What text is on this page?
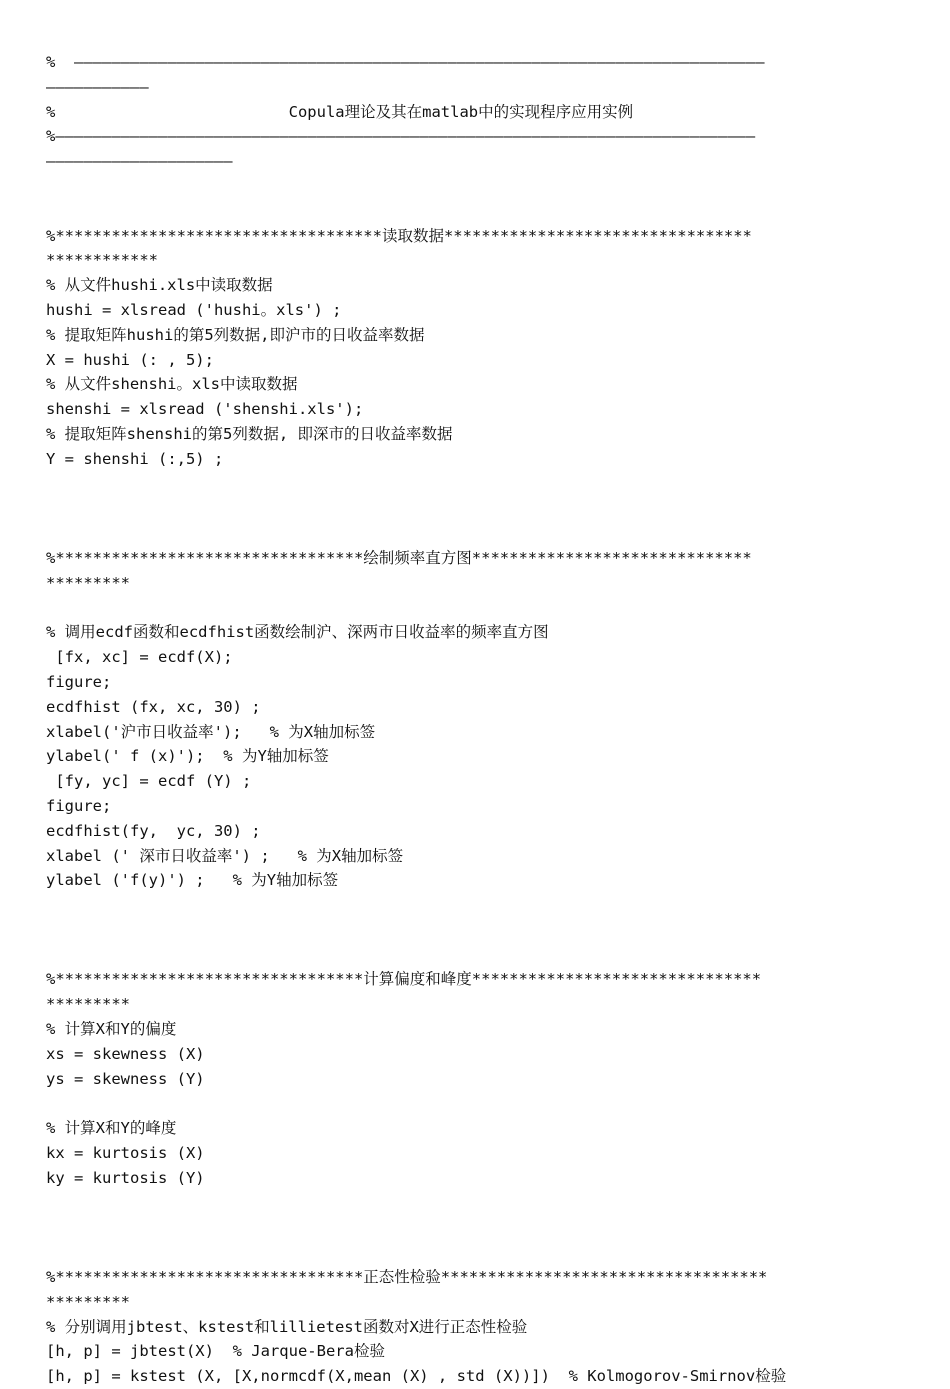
%  ——————————————————————————————————————————————————————————————————————————
———————————
%                         Copula理论及其在matlab中的实现程序应用实例
%———————————————————————————————————————————————————————————————————————————
————————————————————
%***********************************读取数据*********************************
************
% 从文件hushi.xls中读取数据
hushi = xlsread ('hushi。xls') ;
% 提取矩阵hushi的第5列数据,即沪市的日收益率数据
X = hushi (: , 5);
% 从文件shenshi。xls中读取数据
shenshi = xlsread ('shenshi.xls');
% 提取矩阵shenshi的第5列数据, 即深市的日收益率数据
Y = shenshi (:,5) ;
%*********************************绘制频率直方图******************************
*********
% 调用ecdf函数和ecdfhist函数绘制沪、深两市日收益率的频率直方图
[fx, xc] = ecdf(X);
figure;
ecdfhist (fx, xc, 30) ;
xlabel('沪市日收益率');   % 为X轴加标签
ylabel(' f (x)');  % 为Y轴加标签
[fy, yc] = ecdf (Y) ;
figure;
ecdfhist(fy,  yc, 30) ;
xlabel (' 深市日收益率') ;   % 为X轴加标签
ylabel ('f(y)') ;   % 为Y轴加标签
%*********************************计算偏度和峰度*******************************
*********
% 计算X和Y的偏度
xs = skewness (X)
ys = skewness (Y)
% 计算X和Y的峰度
kx = kurtosis (X)
ky = kurtosis (Y)
%*********************************正态性检验***********************************
*********
% 分别调用jbtest、kstest和lillietest函数对X进行正态性检验
[h, p] = jbtest(X)  % Jarque-Bera检验
[h, p] = kstest (X, [X,normcdf(X,mean (X) , std (X))])  % Kolmogorov-Smirnov检验
